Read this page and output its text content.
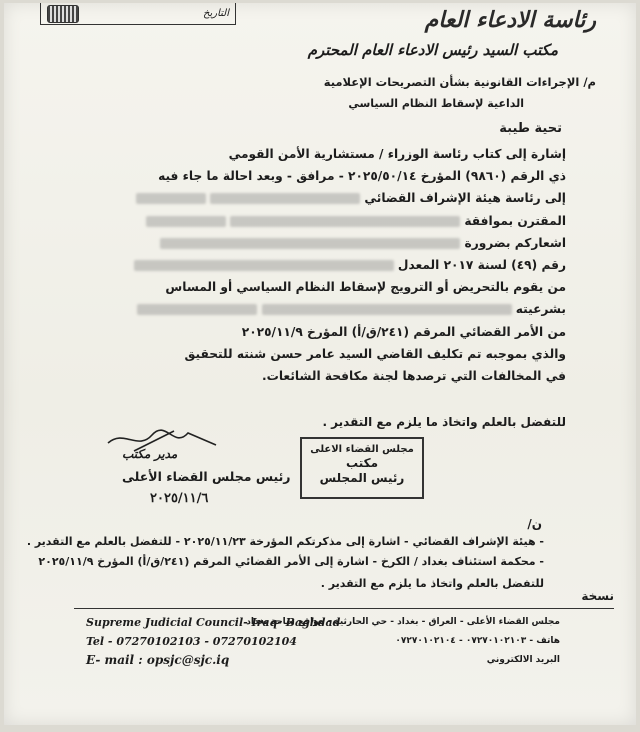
التاريخ	رئاسة الادعاء العام
مكتب السيد رئيس الادعاء العام المحترم
م/ الإجراءات القانونية بشأن التصريحات الإعلامية
الداعية لإسقاط النظام السياسي
تحية طيبة
إشارة إلى كتاب رئاسة الوزراء / مستشارية الأمن القومي
ذي الرقم (٩٨٦٠) المؤرخ ٢٠٢٥/٥٠/١٤ - مرافق - وبعد احالة ما جاء فيه
إلى رئاسة هيئة الإشراف القضائي
المقترن بموافقة
اشعاركم بضرورة
رقم (٤٩) لسنة ٢٠١٧ المعدل
من يقوم بالتحريض أو الترويج لإسقاط النظام السياسي أو المساس
بشرعيته
من الأمر القضائي المرقم (٢٤١/ق/أ) المؤرخ ٢٠٢٥/١١/٩
والذي بموجبه تم تكليف القاضي السيد عامر حسن شنته للتحقيق
في المخالفات التي ترصدها لجنة مكافحة الشائعات.
للتفضل بالعلم واتخاذ ما يلزم مع التقدير .
مدير مكتب
رئيس مجلس القضاء الأعلى
٢٠٢٥/١١/٦
مجلس القضاء الاعلى
مكتب
رئيس المجلس
ن/
- هيئة الإشراف القضائي - اشارة إلى مذكرتكم المؤرخة ٢٠٢٥/١١/٢٣ - للتفضل بالعلم مع التقدير .
- محكمة استئناف بغداد / الكرخ - اشارة إلى الأمر القضائي المرقم (٢٤١/ق/أ) المؤرخ ٢٠٢٥/١١/٩
للتفضل بالعلم واتخاذ ما يلزم مع التقدير .
نسخة
Supreme Judicial Council- Iraq- Baghdad
Tel - 07270102103 - 07270102104
E- mail : opsjc@sjc.iq
مجلس القضاء الأعلى - العراق - بغداد - حي الحارثية - مواقع ساحة بغداد
هاتف - ٠٧٢٧٠١٠٢١٠٣ - ٠٧٢٧٠١٠٢١٠٤
البريد الالكتروني
